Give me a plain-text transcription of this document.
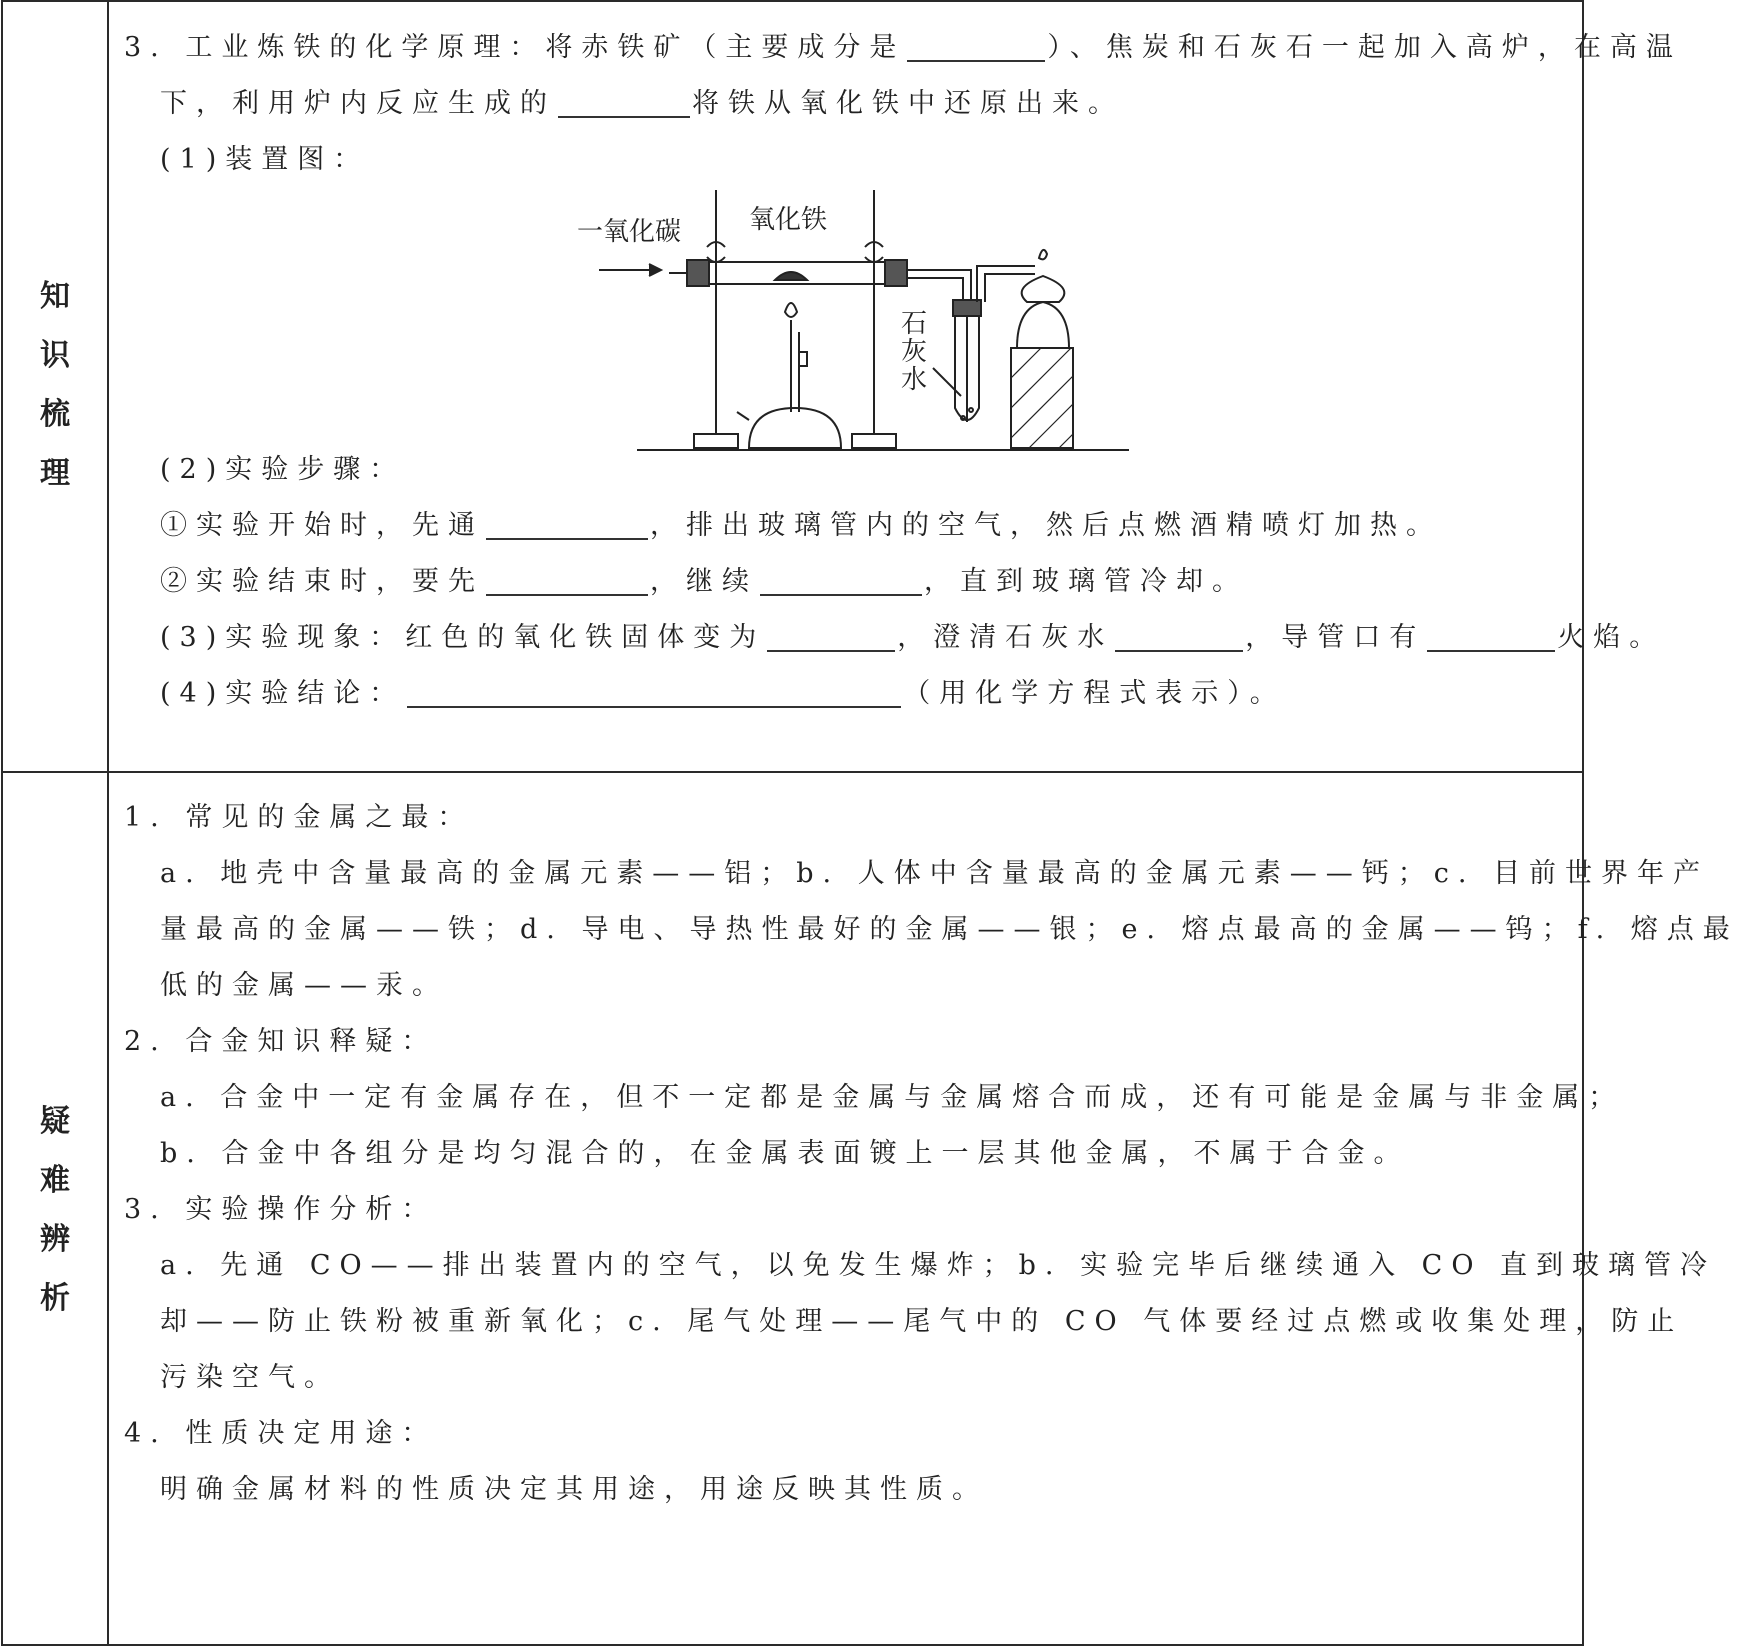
知
识
梳
理
疑
难
辨
析
3. 工业炼铁的化学原理：将赤铁矿（主要成分是	）、焦炭和石灰石一起加入高炉，在高温
下，利用炉内反应生成的	将铁从氧化铁中还原出来。
(1)装置图：
一氧化碳	氧化铁
石
灰
水
(2)实验步骤：
①实验开始时，先通	，排出玻璃管内的空气，然后点燃酒精喷灯加热。
②实验结束时，要先	，继续	，直到玻璃管冷却。
(3)实验现象：红色的氧化铁固体变为	，澄清石灰水	，导管口有	火焰。
(4)实验结论：	（用化学方程式表示）。
1. 常见的金属之最：
a. 地壳中含量最高的金属元素——铝；b. 人体中含量最高的金属元素——钙；c. 目前世界年产
量最高的金属——铁；d. 导电、导热性最好的金属——银；e. 熔点最高的金属——钨；f. 熔点最
低的金属——汞。
2. 合金知识释疑：
a. 合金中一定有金属存在，但不一定都是金属与金属熔合而成，还有可能是金属与非金属；
b. 合金中各组分是均匀混合的，在金属表面镀上一层其他金属，不属于合金。
3. 实验操作分析：
a. 先通 CO——排出装置内的空气，以免发生爆炸；b. 实验完毕后继续通入 CO 直到玻璃管冷
却——防止铁粉被重新氧化；c. 尾气处理——尾气中的 CO 气体要经过点燃或收集处理，防止
污染空气。
4. 性质决定用途：
明确金属材料的性质决定其用途，用途反映其性质。
